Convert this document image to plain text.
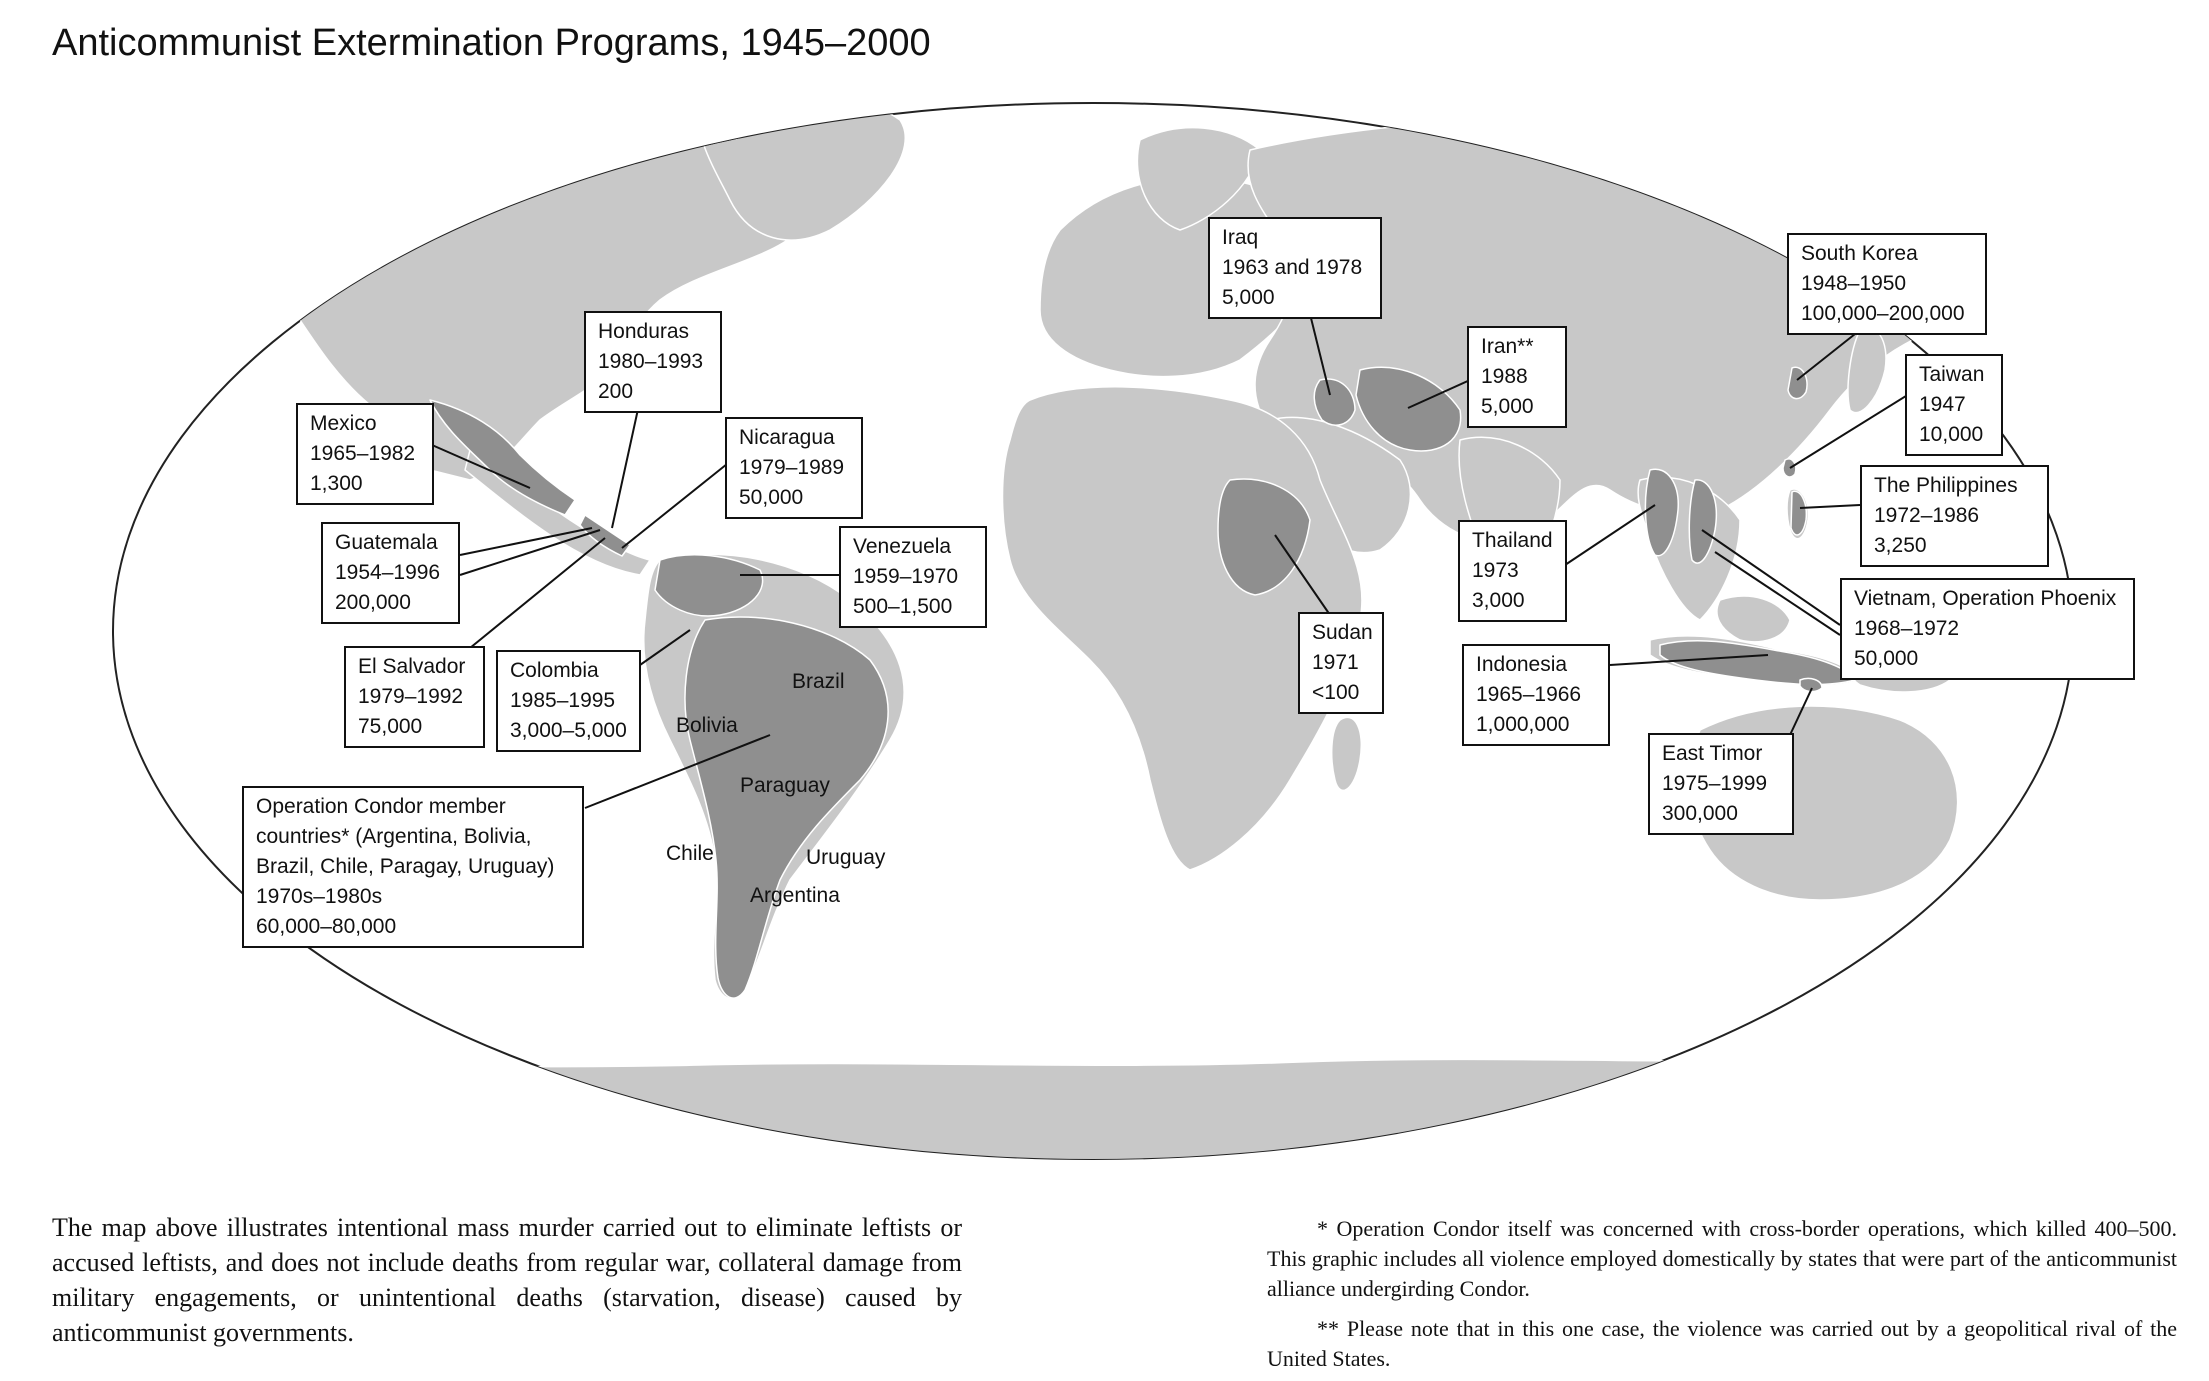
Anticommunist Extermination Programs, 1945–2000
Mexico
1965–1982
1,300
Honduras
1980–1993
200
Nicaragua
1979–1989
50,000
Guatemala
1954–1996
200,000
Venezuela
1959–1970
500–1,500
El Salvador
1979–1992
75,000
Colombia
1985–1995
3,000–5,000
Operation Condor member
countries* (Argentina, Bolivia,
Brazil, Chile, Paragay, Uruguay)
1970s–1980s
60,000–80,000
Iraq
1963 and 1978
5,000
Iran**
1988
5,000
Sudan
1971
<100
Thailand
1973
3,000
Indonesia
1965–1966
1,000,000
East Timor
1975–1999
300,000
South Korea
1948–1950
100,000–200,000
Taiwan
1947
10,000
The Philippines
1972–1986
3,250
Vietnam, Operation Phoenix
1968–1972
50,000
Brazil
Bolivia
Paraguay
Chile	Uruguay
Argentina
The map above illustrates intentional mass murder carried out to eliminate leftists or accused leftists, and does not include deaths from regular war, collateral damage from military engagements, or unintentional deaths (starvation, disease) caused by anticommunist governments.
* Operation Condor itself was concerned with cross-border operations, which killed 400–500. This graphic includes all violence employed domestically by states that were part of the anticommunist alliance undergirding Condor.
** Please note that in this one case, the violence was carried out by a geopolitical rival of the United States.
